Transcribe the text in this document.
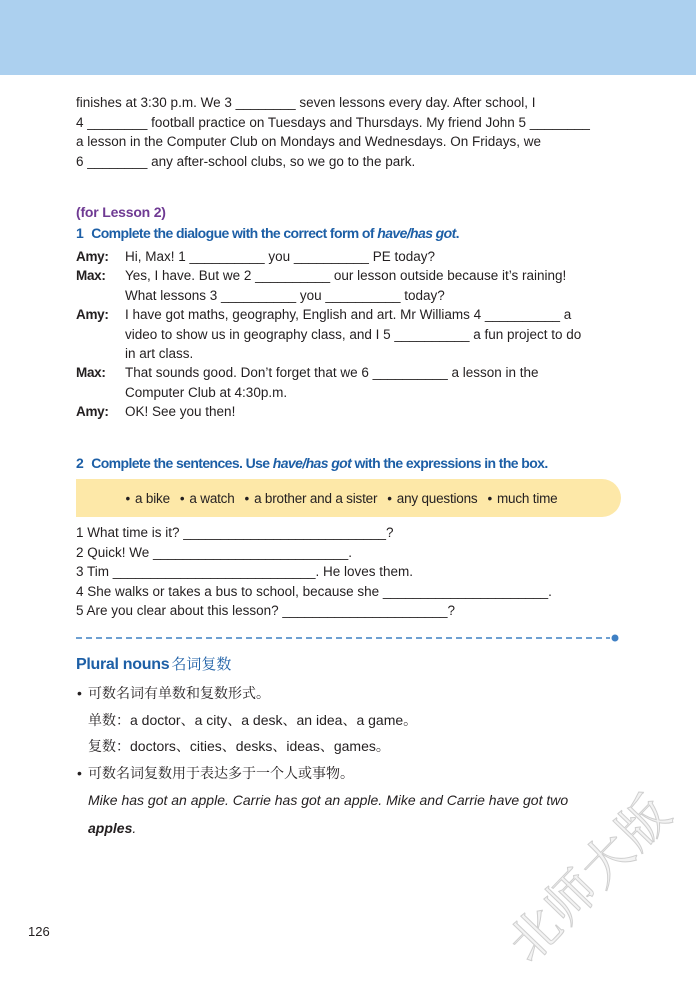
finishes at 3:30 p.m. We 3 ________ seven lessons every day. After school, I
4 ________ football practice on Tuesdays and Thursdays. My friend John 5 ________
a lesson in the Computer Club on Mondays and Wednesdays. On Fridays, we
6 ________ any after-school clubs, so we go to the park.
(for Lesson 2)
1 Complete the dialogue with the correct form of have/has got.
Amy:	Hi, Max! 1 __________ you __________ PE today?
Max:	Yes, I have. But we 2 __________ our lesson outside because it’s raining!
What lessons 3 __________ you __________ today?
Amy:	I have got maths, geography, English and art. Mr Williams 4 __________ a
video to show us in geography class, and I 5 __________ a fun project to do
in art class.
Max:	That sounds good. Don’t forget that we 6 __________ a lesson in the
Computer Club at 4:30p.m.
Amy:	OK! See you then!
2 Complete the sentences. Use have/has got with the expressions in the box.
• a bike	• a watch	• a brother and a sister	• any questions	• much time
1 What time is it? ___________________________?
2 Quick! We __________________________.
3 Tim ___________________________. He loves them.
4 She walks or takes a bus to school, because she ______________________.
5 Are you clear about this lesson? ______________________?
Plural nouns 名词复数
• 可数名词有单数和复数形式。
单数：a doctor、a city、a desk、an idea、a game。
复数：doctors、cities、desks、ideas、games。
• 可数名词复数用于表达多于一个人或事物。
Mike has got an apple. Carrie has got an apple. Mike and Carrie have got two
apples.
126	北师大版
